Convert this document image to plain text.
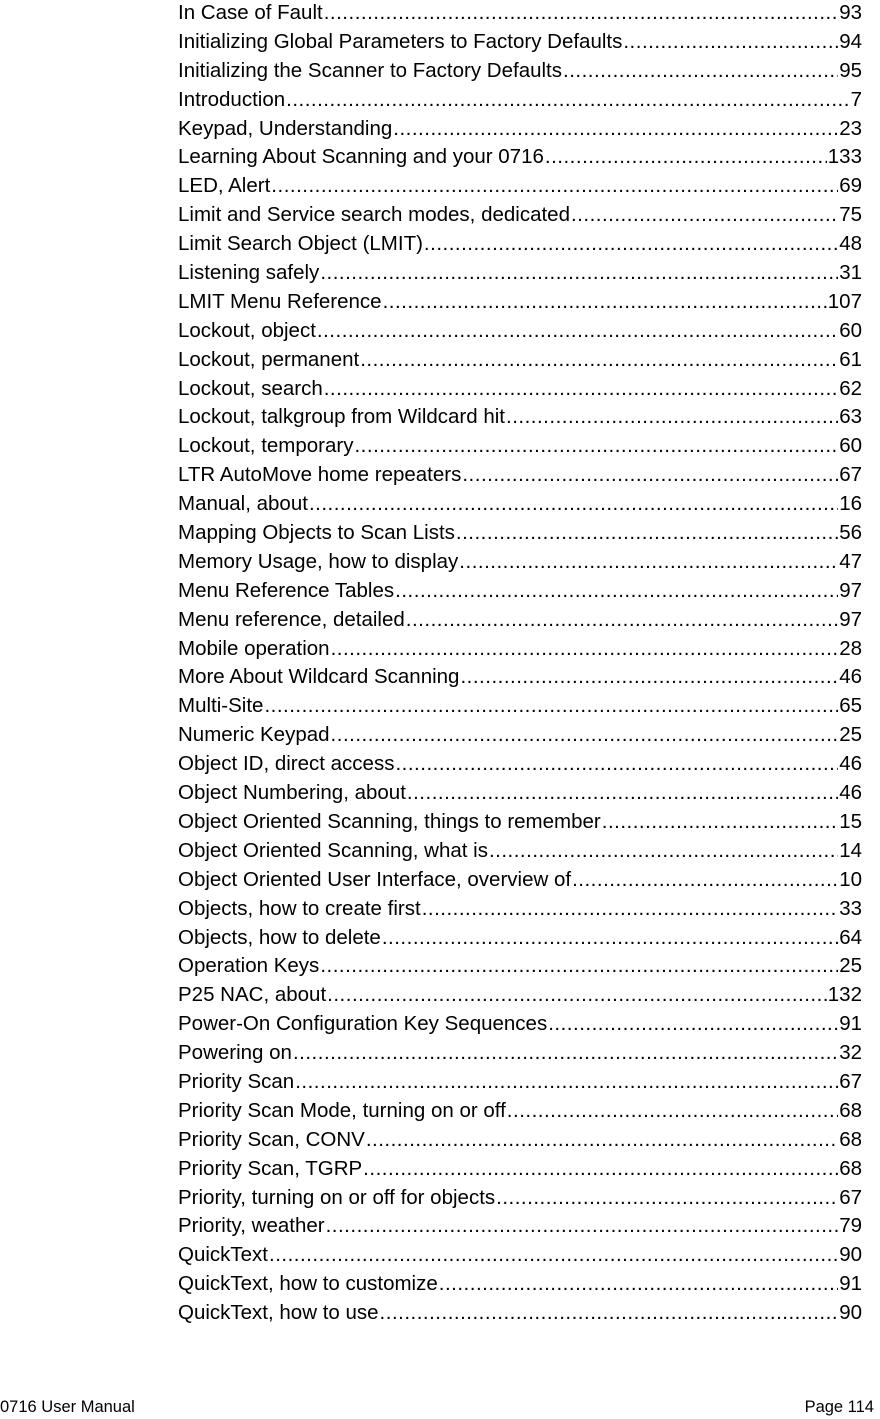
In Case of Fault .....	93
Initializing Global Parameters to Factory Defaults .....	94
Initializing the Scanner to Factory Defaults .....	95
Introduction .....	7
Keypad, Understanding .....	23
Learning About Scanning and your 0716 .....	133
LED, Alert .....	69
Limit and Service search modes, dedicated .....	75
Limit Search Object (LMIT) .....	48
Listening safely .....	31
LMIT Menu Reference .....	107
Lockout, object .....	60
Lockout, permanent .....	61
Lockout, search .....	62
Lockout, talkgroup from Wildcard hit .....	63
Lockout, temporary .....	60
LTR AutoMove home repeaters .....	67
Manual, about .....	16
Mapping Objects to Scan Lists .....	56
Memory Usage, how to display .....	47
Menu Reference Tables .....	97
Menu reference, detailed .....	97
Mobile operation .....	28
More About Wildcard Scanning .....	46
Multi-Site .....	65
Numeric Keypad .....	25
Object ID, direct access .....	46
Object Numbering, about .....	46
Object Oriented Scanning, things to remember .....	15
Object Oriented Scanning, what is .....	14
Object Oriented User Interface, overview of .....	10
Objects, how to create first .....	33
Objects, how to delete .....	64
Operation Keys .....	25
P25 NAC, about .....	132
Power-On Configuration Key Sequences .....	91
Powering on .....	32
Priority Scan .....	67
Priority Scan Mode, turning on or off .....	68
Priority Scan, CONV .....	68
Priority Scan, TGRP .....	68
Priority, turning on or off for objects .....	67
Priority, weather .....	79
QuickText .....	90
QuickText, how to customize .....	91
QuickText, how to use .....	90
0716 User Manual	Page 114
